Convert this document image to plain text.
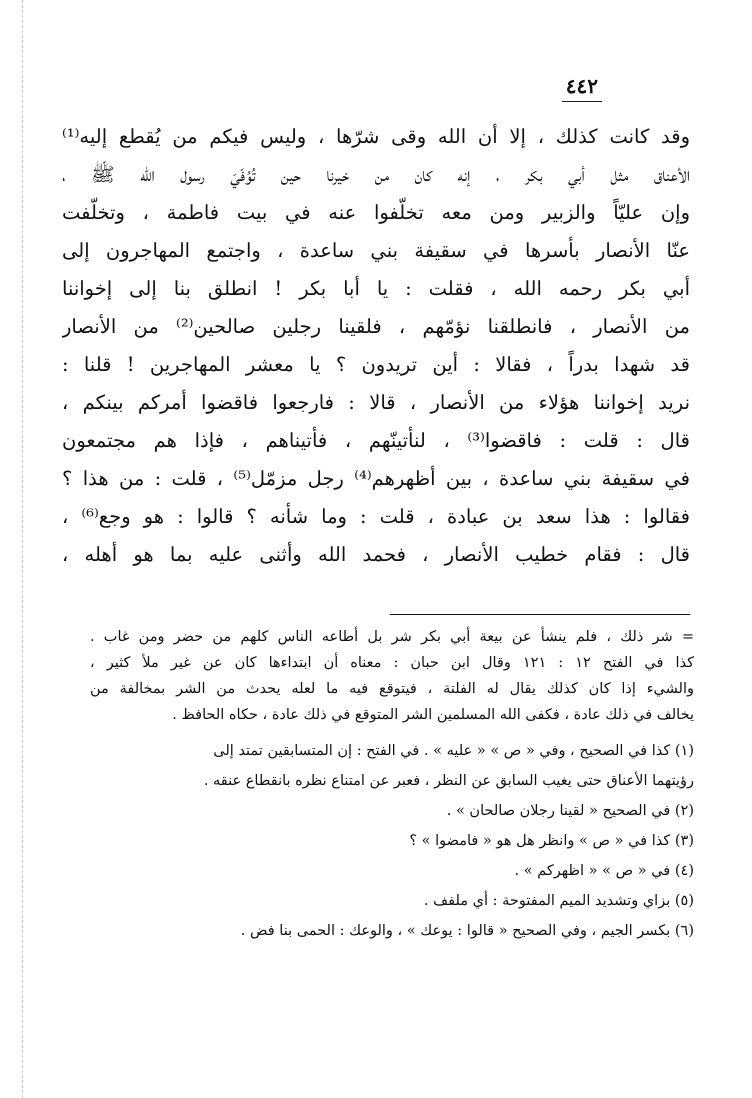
٤٤٢
وقد كانت كذلك ، إلا أن الله وقى شرّها ، وليس فيكم من يُقطع إليه⁽¹⁾
الأعناق مثل أبي بكر ، إنه كان من خيرنا حين تُوُفّيَ رسول الله ﷺ ،
وإن عليّاً والزبير ومن معه تخلّفوا عنه في بيت فاطمة ، وتخلّفت
عنّا الأنصار بأسرها في سقيفة بني ساعدة ، واجتمع المهاجرون إلى
أبي بكر رحمه الله ، فقلت : يا أبا بكر ! انطلق بنا إلى إخواننا
من الأنصار ، فانطلقنا نؤمّهم ، فلقينا رجلين صالحين⁽²⁾ من الأنصار
قد شهدا بدراً ، فقالا : أين تريدون ؟ يا معشر المهاجرين ! قلنا :
نريد إخواننا هؤلاء من الأنصار ، قالا : فارجعوا فاقضوا أمركم بينكم ،
قال : قلت : فاقضوا⁽³⁾ ، لنأتينّهم ، فأتيناهم ، فإذا هم مجتمعون
في سقيفة بني ساعدة ، بين أظهرهم⁽⁴⁾ رجل مزمّل⁽⁵⁾ ، قلت : من هذا ؟
فقالوا : هذا سعد بن عبادة ، قلت : وما شأنه ؟ قالوا : هو وجع⁽⁶⁾ ،
قال : فقام خطيب الأنصار ، فحمد الله وأثنى عليه بما هو أهله ،
= شر ذلك ، فلم ينشأ عن بيعة أبي بكر شر بل أطاعه الناس كلهم من حضر ومن غاب .
كذا في الفتح ١٢ : ١٢١ وقال ابن حبان : معناه أن ابتداءها كان عن غير ملأ كثير ،
والشيء إذا كان كذلك يقال له الفلتة ، فيتوقع فيه ما لعله يحدث من الشر بمخالفة من
يخالف في ذلك عادة ، فكفى الله المسلمين الشر المتوقع في ذلك عادة ، حكاه الحافظ .
(١) كذا في الصحيح ، وفي « ص » « عليه » . في الفتح : إن المتسابقين تمتد إلى
رؤيتهما الأعناق حتى يغيب السابق عن النظر ، فعبر عن امتناع نظره بانقطاع عنقه .
(٢) في الصحيح « لقينا رجلان صالحان » .
(٣) كذا في « ص » وانظر هل هو « فامضوا » ؟
(٤) في « ص » « اظهركم » .
(٥) بزاي وتشديد الميم المفتوحة : أي ملفف .
(٦) بكسر الجيم ، وفي الصحيح « قالوا : يوعك » ، والوعك : الحمى بنا فض .
